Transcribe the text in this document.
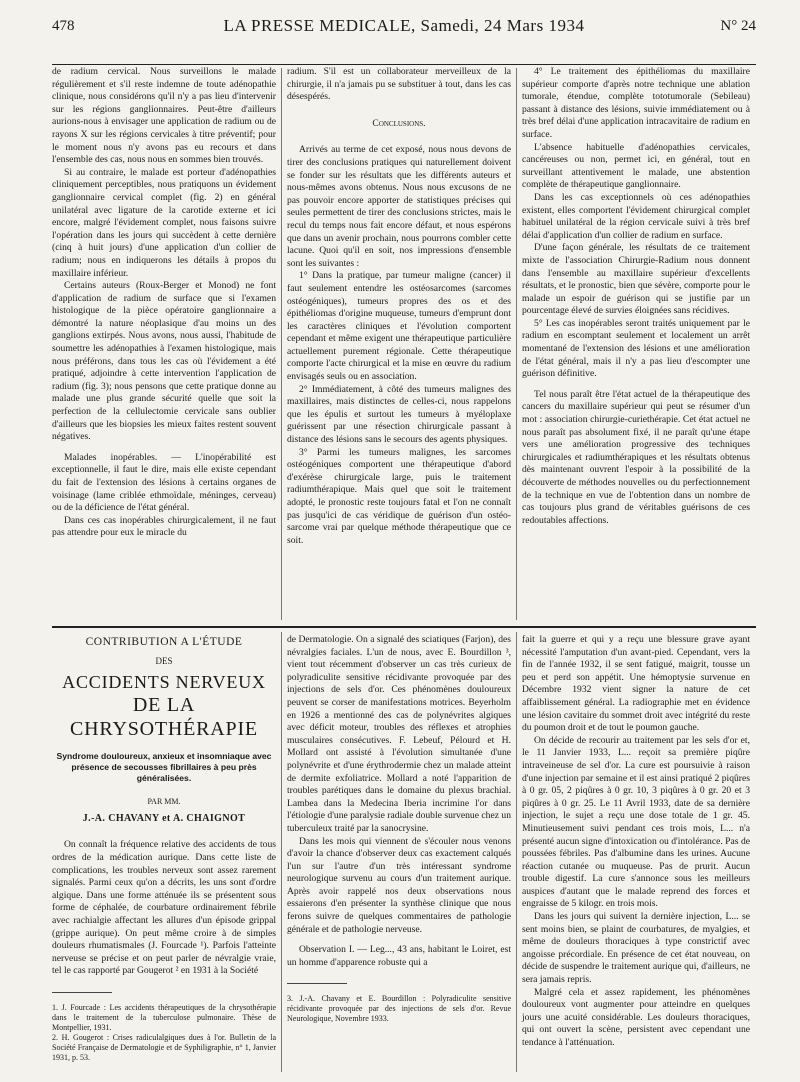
478	LA PRESSE MEDICALE, Samedi, 24 Mars 1934	N° 24

de radium cervical. Nous surveillons le malade régulièrement et s'il reste indemne de toute adénopathie clinique, nous considérons qu'il n'y a pas lieu d'intervenir sur les régions ganglionnaires. Peut-être d'ailleurs aurions-nous à envisager une application de radium ou de rayons X sur les régions cervicales à titre préventif; pour le moment nous n'y avons pas eu recours et dans l'ensemble des cas, nous nous en sommes bien trouvés.

Si au contraire, le malade est porteur d'adénopathies cliniquement perceptibles, nous pratiquons un évidement ganglionnaire cervical complet (fig. 2) en général unilatéral avec ligature de la carotide externe et ici encore, malgré l'évidement complet, nous faisons suivre l'opération dans les jours qui succèdent à cette dernière (cinq à huit jours) d'une application d'un collier de radium; nous en indiquerons les détails à propos du maxillaire inférieur.

Certains auteurs (Roux-Berger et Monod) ne font d'application de radium de surface que si l'examen histologique de la pièce opératoire ganglionnaire a démontré la nature néoplasique d'au moins un des ganglions extirpés. Nous avons, nous aussi, l'habitude de soumettre les adénopathies à l'examen histologique, mais nous préférons, dans tous les cas où l'évidement a été pratiqué, adjoindre à cette intervention l'application de radium (fig. 3); nous pensons que cette pratique donne au malade une plus grande sécurité quelle que soit la perfection de la cellulectomie cervicale sans oublier d'ailleurs que les biopsies les mieux faites restent souvent négatives.

Malades inopérables. — L'inopérabilité est exceptionnelle, il faut le dire, mais elle existe cependant du fait de l'extension des lésions à certains organes de voisinage (lame criblée ethmoïdale, méninges, cerveau) ou de la déficience de l'état général.

Dans ces cas inopérables chirurgicalement, il ne faut pas attendre pour eux le miracle du

radium. S'il est un collaborateur merveilleux de la chirurgie, il n'a jamais pu se substituer à tout, dans les cas désespérés.

Conclusions.

Arrivés au terme de cet exposé, nous nous devons de tirer des conclusions pratiques qui naturellement doivent se fonder sur les résultats que les différents auteurs et nous-mêmes avons obtenus. Nous nous excusons de ne pas pouvoir encore apporter de statistiques précises qui seules permettent de tirer des conclusions strictes, mais le recul du temps nous fait encore défaut, et nous espérons que dans un avenir prochain, nous pourrons combler cette lacune. Quoi qu'il en soit, nos impressions d'ensemble sont les suivantes :

1° Dans la pratique, par tumeur maligne (cancer) il faut seulement entendre les ostéosarcomes (sarcomes ostéogéniques), tumeurs propres des os et des épithéliomas d'origine muqueuse, tumeurs d'emprunt dont les caractères cliniques et l'évolution comportent cependant et même exigent une thérapeutique particulière actuellement purement régionale. Cette thérapeutique comporte l'acte chirurgical et la mise en œuvre du radium envisagés seuls ou en association.

2° Immédiatement, à côté des tumeurs malignes des maxillaires, mais distinctes de celles-ci, nous rappelons que les épulis et surtout les tumeurs à myéloplaxe guérissent par une résection chirurgicale passant à distance des lésions sans le secours des agents physiques.

3° Parmi les tumeurs malignes, les sarcomes ostéogéniques comportent une thérapeutique d'abord d'exérèse chirurgicale large, puis le traitement radiumthérapique. Mais quel que soit le traitement adopté, le pronostic reste toujours fatal et l'on ne connaît pas jusqu'ici de cas véridique de guérison d'un ostéo-sarcome vrai par quelque méthode thérapeutique que ce soit.

4° Le traitement des épithéliomas du maxillaire supérieur comporte d'après notre technique une ablation tumorale, étendue, complète tototumorale (Sebileau) passant à distance des lésions, suivie immédiatement ou à très bref délai d'une application intracavitaire de radium en surface.

L'absence habituelle d'adénopathies cervicales, cancéreuses ou non, permet ici, en général, tout en surveillant attentivement le malade, une abstention complète de thérapeutique ganglionnaire.

Dans les cas exceptionnels où ces adénopathies existent, elles comportent l'évidement chirurgical complet habituel unilatéral de la région cervicale suivi à très bref délai d'application d'un collier de radium en surface.

D'une façon générale, les résultats de ce traitement mixte de l'association Chirurgie-Radium nous donnent dans l'ensemble au maxillaire supérieur d'excellents résultats, et le pronostic, bien que sévère, comporte pour le malade un espoir de guérison qui se justifie par un pourcentage élevé de survies éloignées sans récidives.

5° Les cas inopérables seront traités uniquement par le radium en escomptant seulement et localement un arrêt momentané de l'extension des lésions et une amélioration de l'état général, mais il n'y a pas lieu d'escompter une guérison définitive.

Tel nous paraît être l'état actuel de la thérapeutique des cancers du maxillaire supérieur qui peut se résumer d'un mot : association chirurgie-curiethérapie. Cet état actuel ne nous paraît pas absolument fixé, il ne paraît qu'une étape vers une amélioration progressive des techniques chirurgicales et radiumthérapiques et les résultats obtenus dès maintenant ouvrent l'espoir à la possibilité de la découverte de méthodes nouvelles ou du perfectionnement de la technique en vue de l'obtention dans un nombre de cas toujours plus grand de véritables guérisons de ces redoutables affections.

CONTRIBUTION A L'ÉTUDE
DES
ACCIDENTS NERVEUX
DE LA CHRYSOTHÉRAPIE
Syndrome douloureux, anxieux et insomniaque avec présence de secousses fibrillaires à peu près généralisées.
PAR MM.
J.-A. CHAVANY et A. CHAIGNOT

On connaît la fréquence relative des accidents de tous ordres de la médication aurique. Dans cette liste de complications, les troubles nerveux sont assez rarement signalés. Parmi ceux qu'on a décrits, les uns sont d'ordre algique. Dans une forme atténuée ils se présentent sous forme de céphalée, de courbature ordinairement fébrile avec rachialgie affectant les allures d'un épisode grippal (grippe aurique). On peut même croire à de simples douleurs rhumatismales (J. Fourcade ¹). Parfois l'atteinte nerveuse se précise et on peut parler de névralgie vraie, tel le cas rapporté par Gougerot ² en 1931 à la Société

1. J. Fourcade : Les accidents thérapeutiques de la chrysothérapie dans le traitement de la tuberculose pulmonaire. Thèse de Montpellier, 1931.

2. H. Gougerot : Crises radiculalgiques dues à l'or. Bulletin de la Société Française de Dermatologie et de Syphiligraphie, n° 1, Janvier 1931, p. 53.

de Dermatologie. On a signalé des sciatiques (Farjon), des névralgies faciales. L'un de nous, avec E. Bourdillon ³, vient tout récemment d'observer un cas très curieux de polyradiculite sensitive récidivante provoquée par des injections de sels d'or. Ces phénomènes douloureux peuvent se corser de manifestations motrices. Beyerholm en 1926 a mentionné des cas de polynévrites algiques avec déficit moteur, troubles des réflexes et atrophies musculaires consécutives. F. Lebeuf, Pélourd et H. Mollard ont assisté à l'évolution simultanée d'une polynévrite et d'une érythrodermie chez un malade atteint de dermite exfoliatrice. Mollard a noté l'apparition de troubles parétiques dans le domaine du plexus brachial. Lambea dans la Medecina Iberia incrimine l'or dans l'étiologie d'une paralysie radiale double survenue chez un tuberculeux traité par la sanocrysine.

Dans les mois qui viennent de s'écouler nous venons d'avoir la chance d'observer deux cas exactement calqués l'un sur l'autre d'un très intéressant syndrome neurologique survenu au cours d'un traitement aurique. Après avoir rappelé nos deux observations nous essaierons d'en présenter la synthèse clinique que nous ferons suivre de quelques commentaires de pathologie générale et de pathologie nerveuse.

Observation I. — Leg..., 43 ans, habitant le Loiret, est un homme d'apparence robuste qui a

3. J.-A. Chavany et E. Bourdillon : Polyradiculite sensitive récidivante provoquée par des injections de sels d'or. Revue Neurologique, Novembre 1933.

fait la guerre et qui y a reçu une blessure grave ayant nécessité l'amputation d'un avant-pied. Cependant, vers la fin de l'année 1932, il se sent fatigué, maigrit, tousse un peu et perd son appétit. Une hémoptysie survenue en Décembre 1932 vient signer la nature de cet affaiblissement général. La radiographie met en évidence une lésion cavitaire du sommet droit avec intégrité du reste du poumon droit et de tout le poumon gauche.

On décide de recourir au traitement par les sels d'or et, le 11 Janvier 1933, L... reçoit sa première piqûre intraveineuse de sel d'or. La cure est poursuivie à raison d'une injection par semaine et il est ainsi pratiqué 2 piqûres à 0 gr. 05, 2 piqûres à 0 gr. 10, 3 piqûres à 0 gr. 20 et 3 piqûres à 0 gr. 25. Le 11 Avril 1933, date de sa dernière injection, le sujet a reçu une dose totale de 1 gr. 45. Minutieusement suivi pendant ces trois mois, L... n'a présenté aucun signe d'intoxication ou d'intolérance. Pas de poussées fébriles. Pas d'albumine dans les urines. Aucune réaction cutanée ou muqueuse. Pas de prurit. Aucun trouble digestif. La cure s'annonce sous les meilleurs auspices d'autant que le malade reprend des forces et engraisse de 5 kilogr. en trois mois.

Dans les jours qui suivent la dernière injection, L... se sent moins bien, se plaint de courbatures, de myalgies, et même de douleurs thoraciques à type constrictif avec angoisse précordiale. En présence de cet état nouveau, on décide de suspendre le traitement aurique qui, d'ailleurs, ne sera jamais repris.

Malgré cela et assez rapidement, les phénomènes douloureux vont augmenter pour atteindre en quelques jours une acuité considérable. Les douleurs thoraciques, qui ont ouvert la scène, persistent avec cependant une tendance à l'atténuation.
